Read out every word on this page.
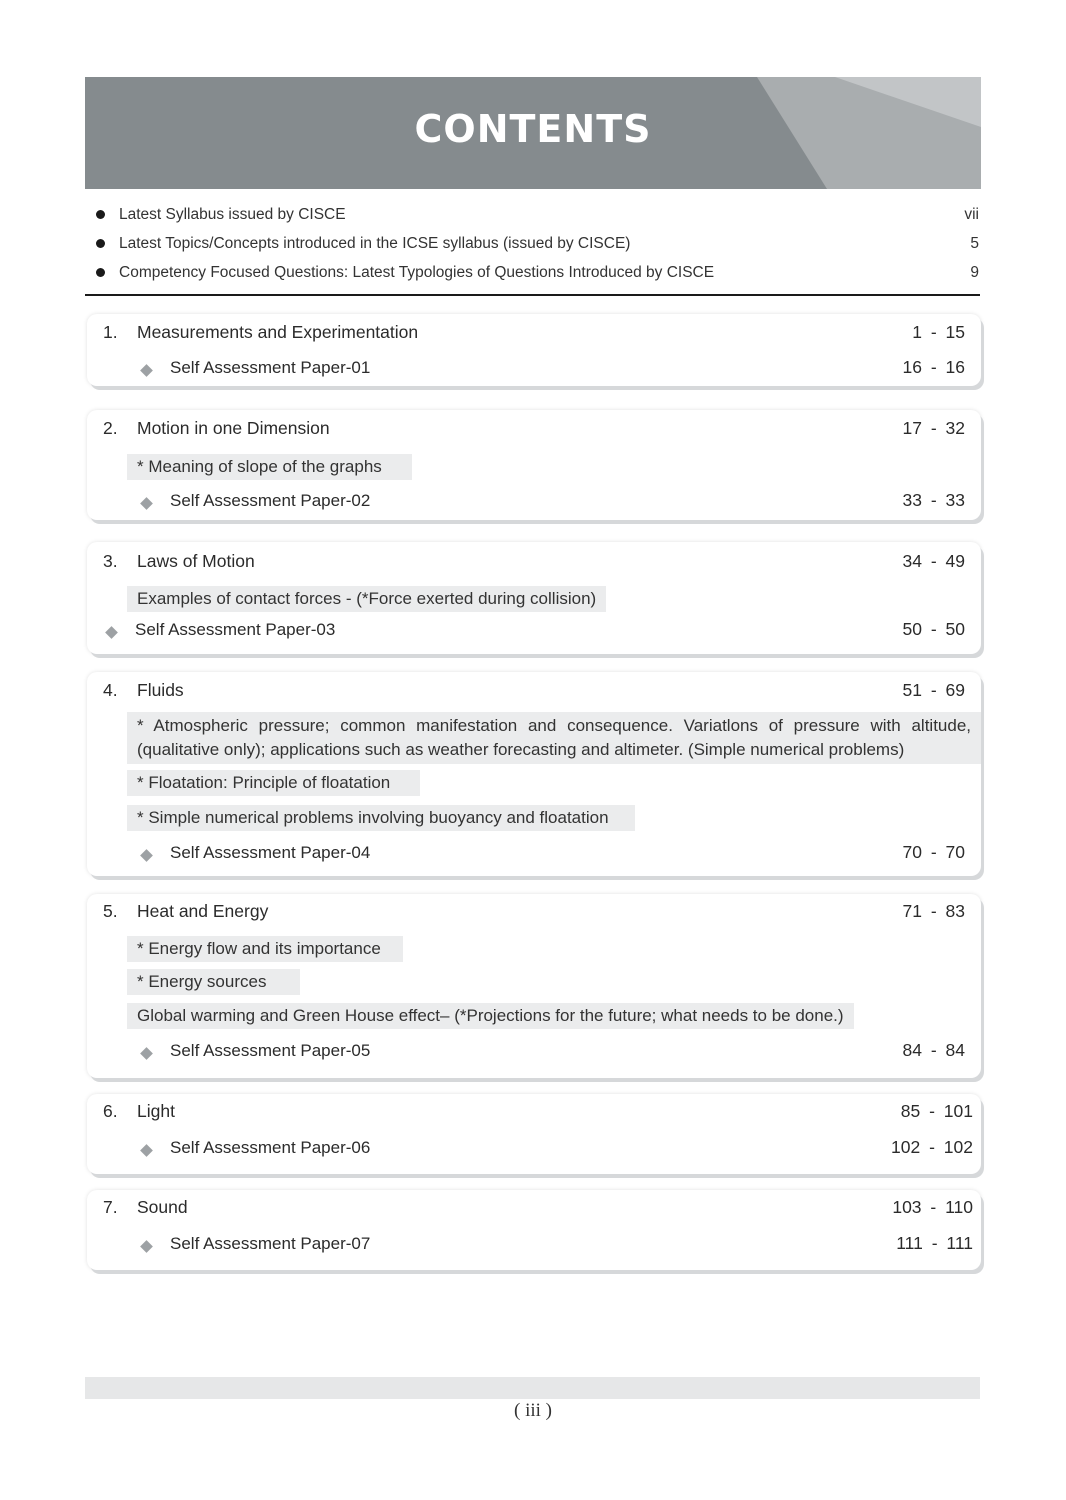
CONTENTS
Latest Syllabus issued by CISCE	vii
Latest Topics/Concepts introduced in the ICSE syllabus (issued by CISCE)	5
Competency Focused Questions: Latest Typologies of Questions Introduced by CISCE	9
1. Measurements and Experimentation	1 - 15
Self Assessment Paper-01	16 - 16
2. Motion in one Dimension	17 - 32
* Meaning of slope of the graphs
Self Assessment Paper-02	33 - 33
3. Laws of Motion	34 - 49
Examples of contact forces - (*Force exerted during collision)
Self Assessment Paper-03	50 - 50
4. Fluids	51 - 69
* Atmospheric pressure; common manifestation and consequence. Variatlons of pressure with altitude, (qualitative only); applications such as weather forecasting and altimeter. (Simple numerical problems)
* Floatation: Principle of floatation
* Simple numerical problems involving buoyancy and floatation
Self Assessment Paper-04	70 - 70
5. Heat and Energy	71 - 83
* Energy flow and its importance
* Energy sources
Global warming and Green House effect– (*Projections for the future; what needs to be done.)
Self Assessment Paper-05	84 - 84
6. Light	85 - 101
Self Assessment Paper-06	102 - 102
7. Sound	103 - 110
Self Assessment Paper-07	111 - 111
( iii )
